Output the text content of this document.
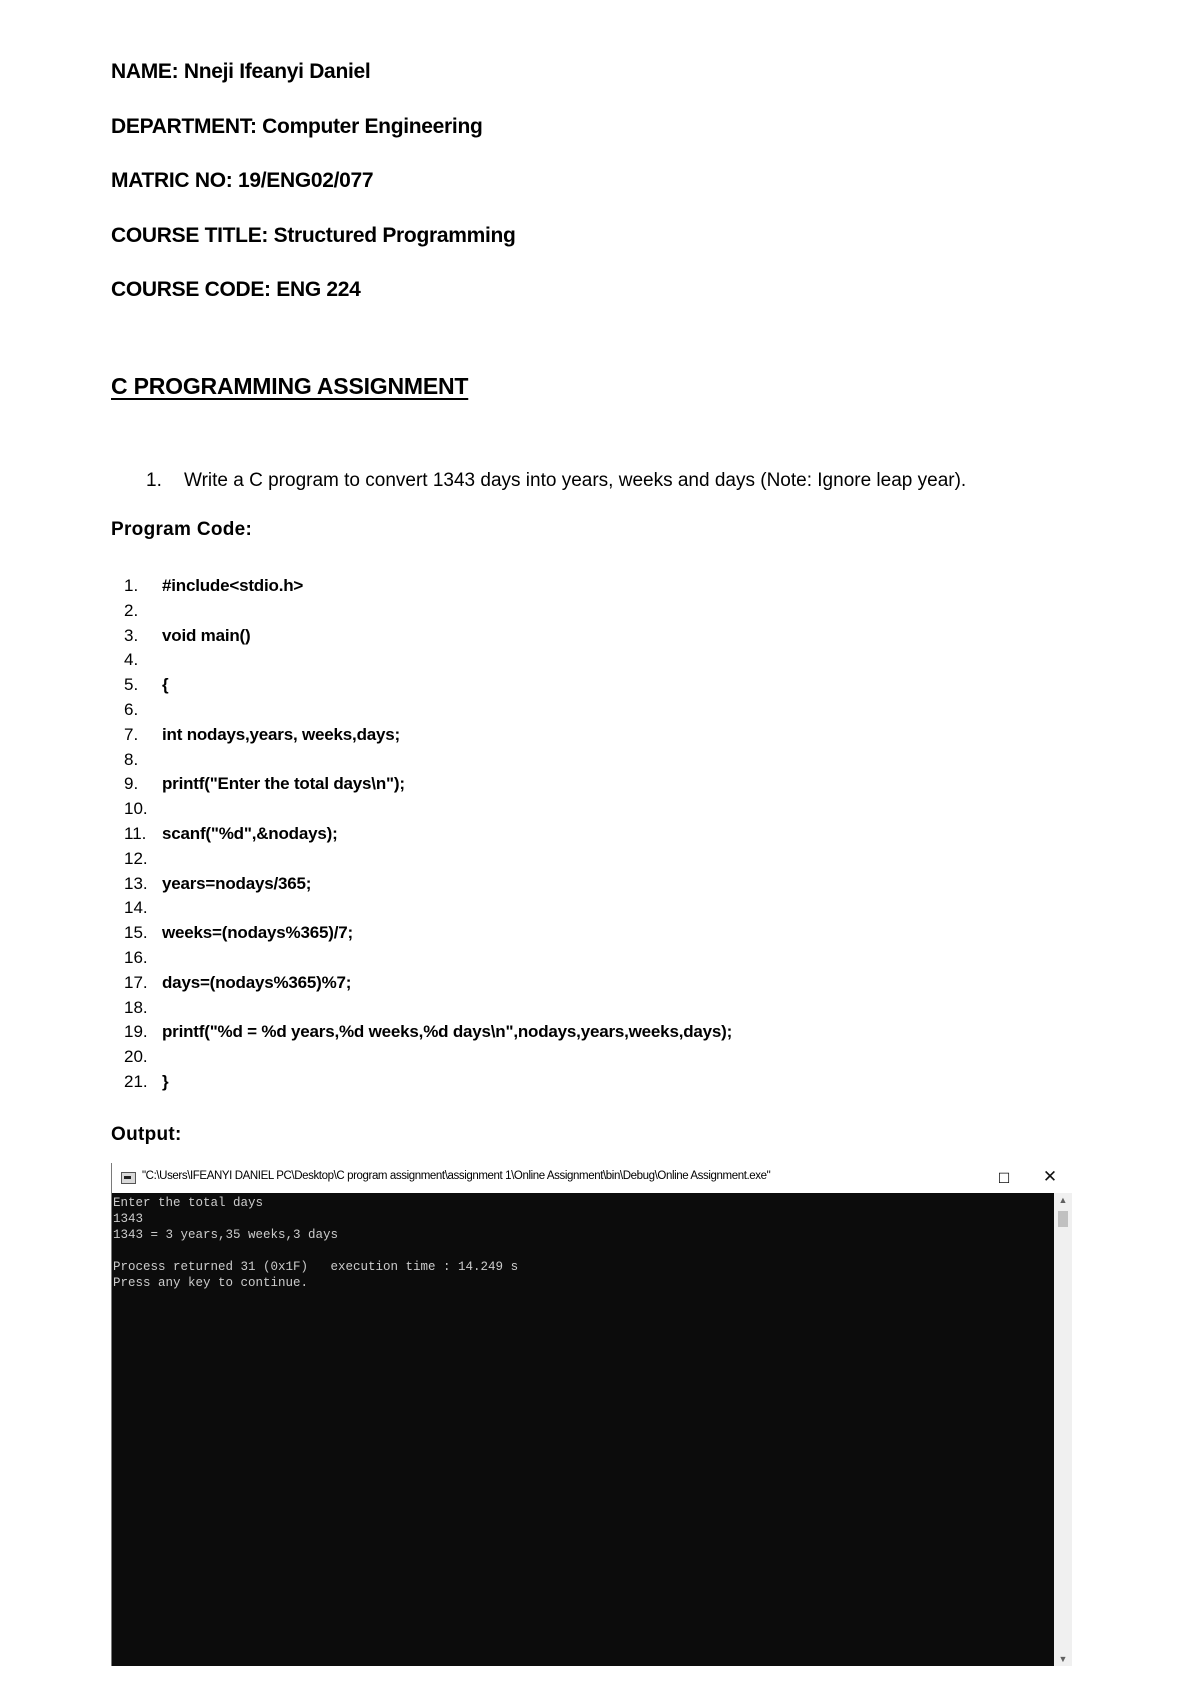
NAME: Nneji Ifeanyi Daniel
DEPARTMENT: Computer Engineering
MATRIC NO: 19/ENG02/077
COURSE TITLE: Structured Programming
COURSE CODE: ENG 224
C PROGRAMMING ASSIGNMENT
1. Write a C program to convert 1343 days into years, weeks and days (Note: Ignore leap year).
Program Code:
1.	#include<stdio.h>
2.
3.	void main()
4.
5.	{
6.
7.	int nodays,years, weeks,days;
8.
9.	printf("Enter the total days\n");
10.
11. scanf("%d",&nodays);
12.
13. years=nodays/365;
14.
15. weeks=(nodays%365)/7;
16.
17. days=(nodays%365)%7;
18.
19. printf("%d = %d years,%d weeks,%d days\n",nodays,years,weeks,days);
20.
21. }
Output:
"C:\Users\IFEANYI DANIEL PC\Desktop\C program assignment\assignment 1\Online Assignment\bin\Debug\Online Assignment.exe"	☐ ✕
Enter the total days
1343
1343 = 3 years,35 weeks,3 days

Process returned 31 (0x1F)   execution time : 14.249 s
Press any key to continue.
▲
▼
